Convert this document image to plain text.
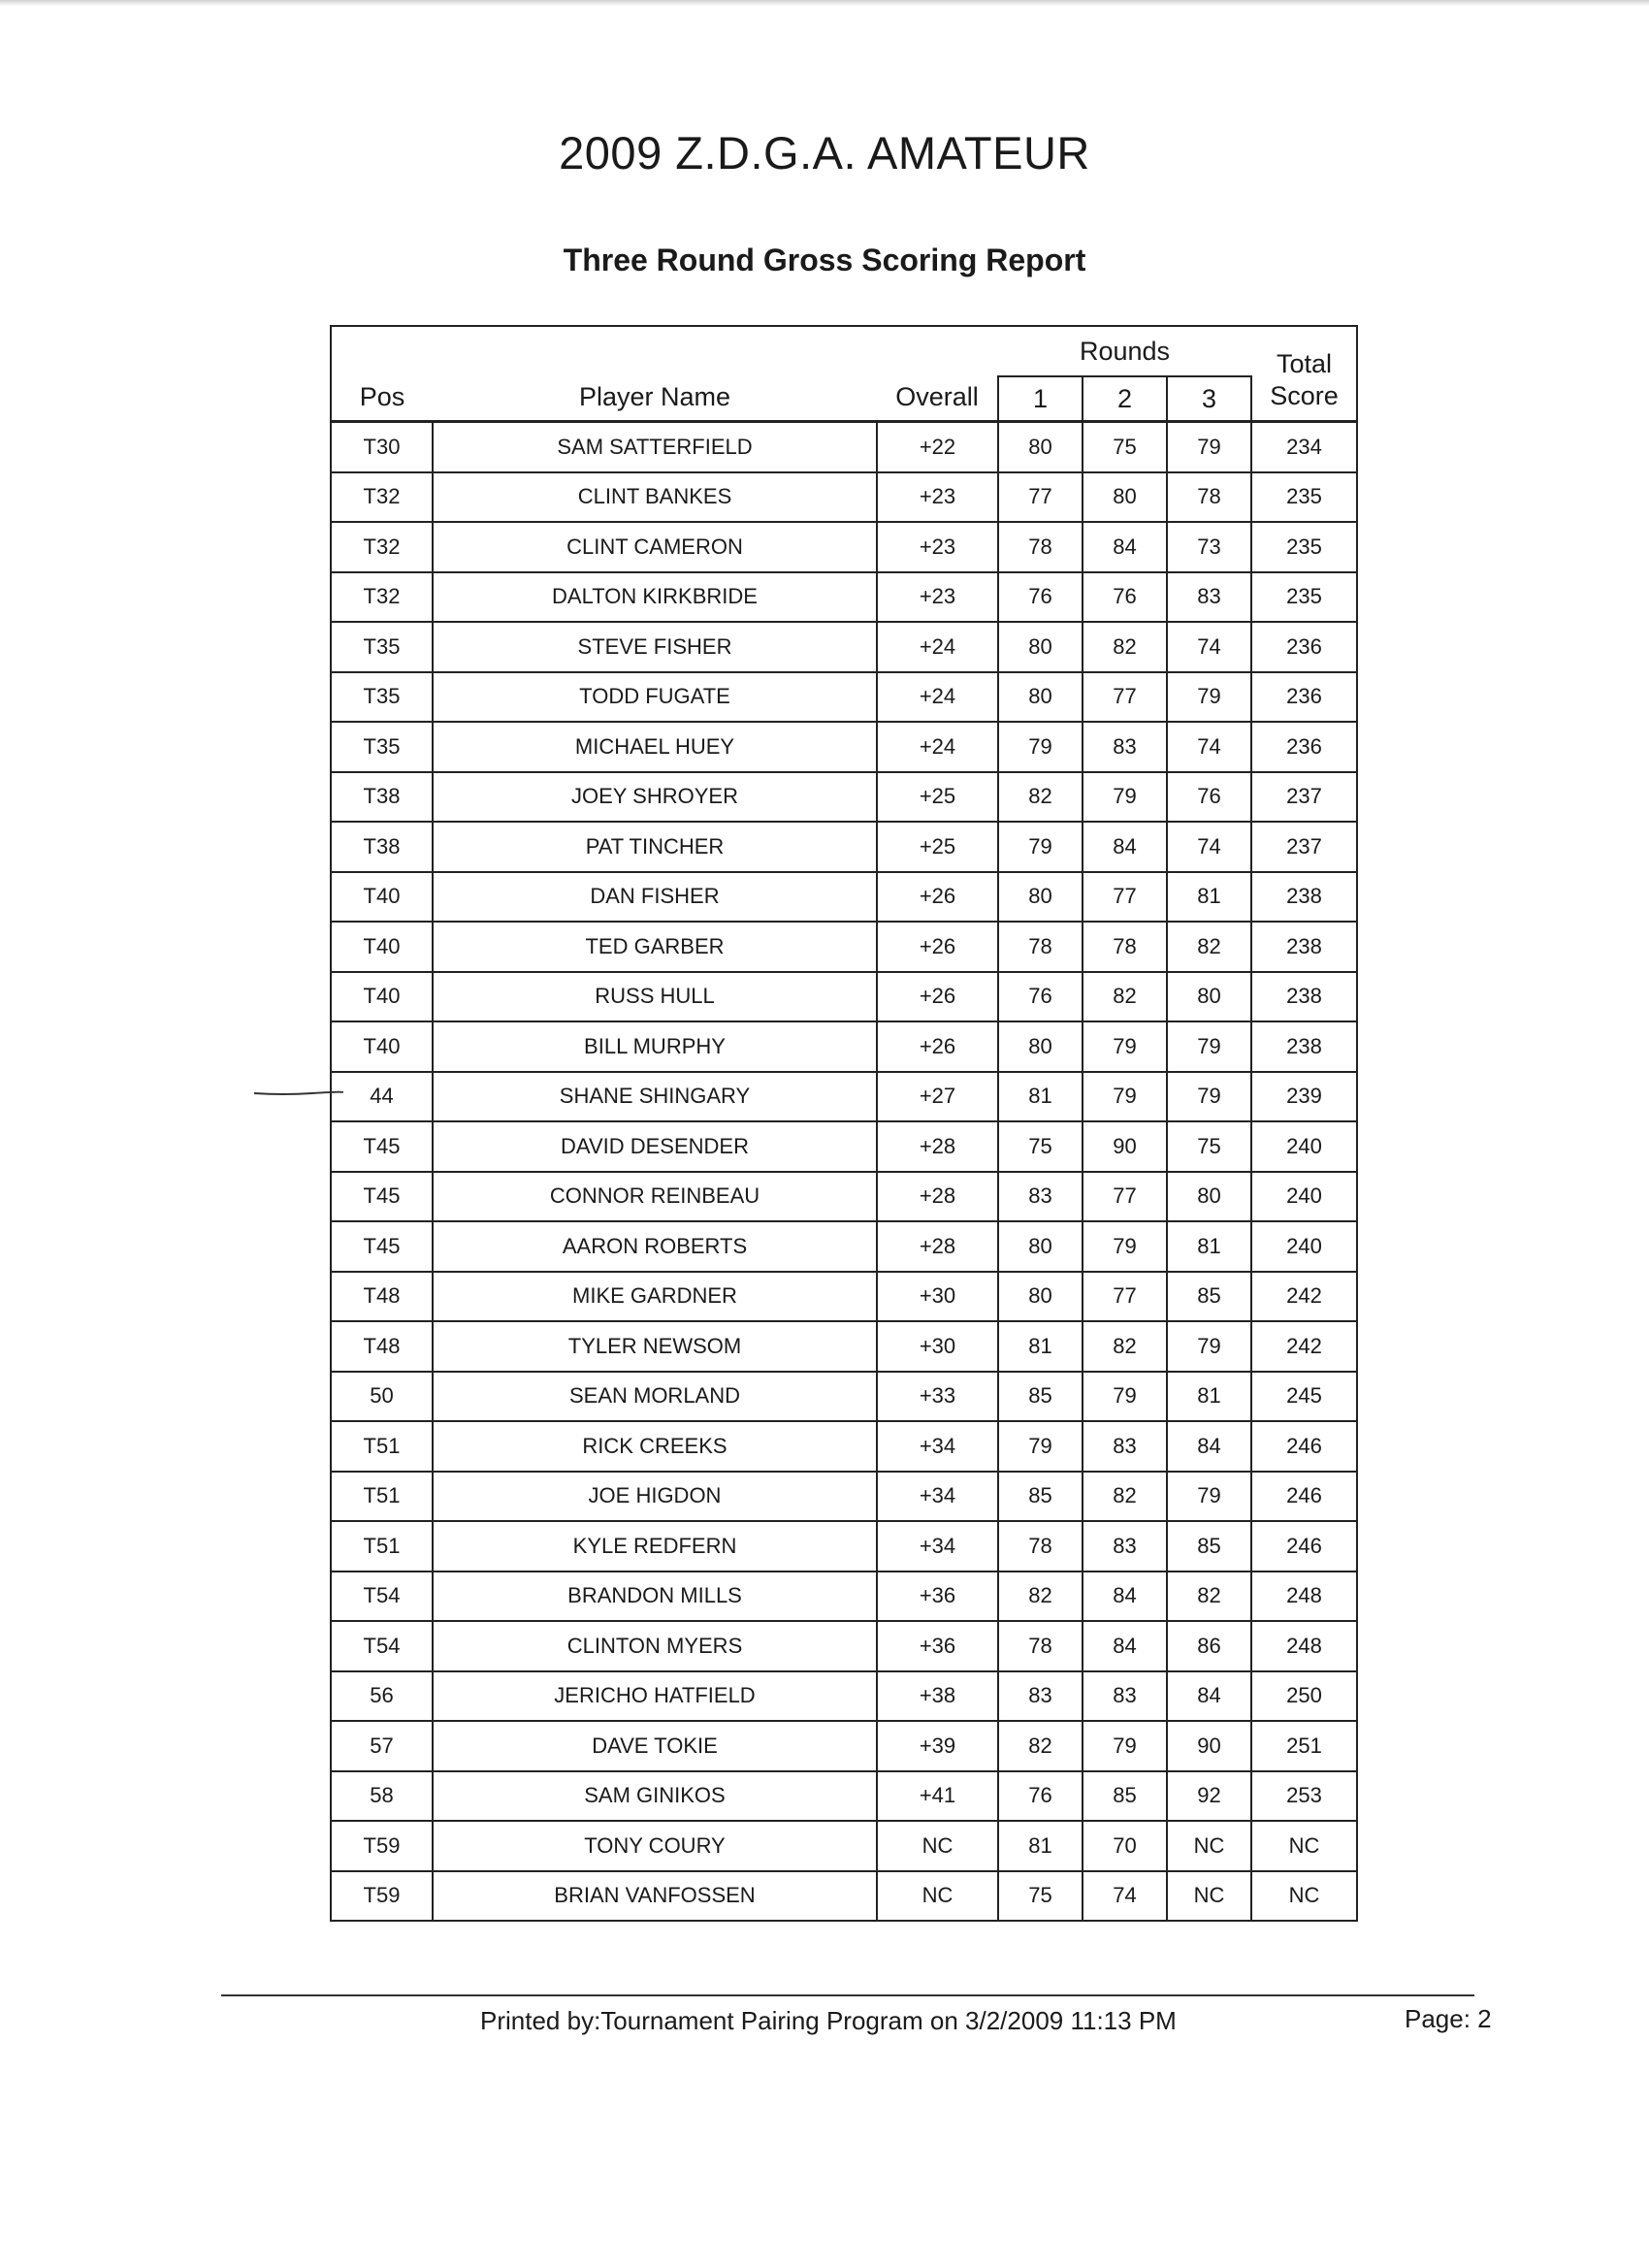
2009 Z.D.G.A. AMATEUR
Three Round Gross Scoring Report
Pos	Player Name	Overall	Rounds			Total Score
			1	2	3	
T30	SAM SATTERFIELD	+22	80	75	79	234
T32	CLINT BANKES	+23	77	80	78	235
T32	CLINT CAMERON	+23	78	84	73	235
T32	DALTON KIRKBRIDE	+23	76	76	83	235
T35	STEVE FISHER	+24	80	82	74	236
T35	TODD FUGATE	+24	80	77	79	236
T35	MICHAEL HUEY	+24	79	83	74	236
T38	JOEY SHROYER	+25	82	79	76	237
T38	PAT TINCHER	+25	79	84	74	237
T40	DAN FISHER	+26	80	77	81	238
T40	TED GARBER	+26	78	78	82	238
T40	RUSS HULL	+26	76	82	80	238
T40	BILL MURPHY	+26	80	79	79	238
44	SHANE SHINGARY	+27	81	79	79	239
T45	DAVID DESENDER	+28	75	90	75	240
T45	CONNOR REINBEAU	+28	83	77	80	240
T45	AARON ROBERTS	+28	80	79	81	240
T48	MIKE GARDNER	+30	80	77	85	242
T48	TYLER NEWSOM	+30	81	82	79	242
50	SEAN MORLAND	+33	85	79	81	245
T51	RICK CREEKS	+34	79	83	84	246
T51	JOE HIGDON	+34	85	82	79	246
T51	KYLE REDFERN	+34	78	83	85	246
T54	BRANDON MILLS	+36	82	84	82	248
T54	CLINTON MYERS	+36	78	84	86	248
56	JERICHO HATFIELD	+38	83	83	84	250
57	DAVE TOKIE	+39	82	79	90	251
58	SAM GINIKOS	+41	76	85	92	253
T59	TONY COURY	NC	81	70	NC	NC
T59	BRIAN VANFOSSEN	NC	75	74	NC	NC
Printed by:Tournament Pairing Program on 3/2/2009 11:13 PM	Page: 2
